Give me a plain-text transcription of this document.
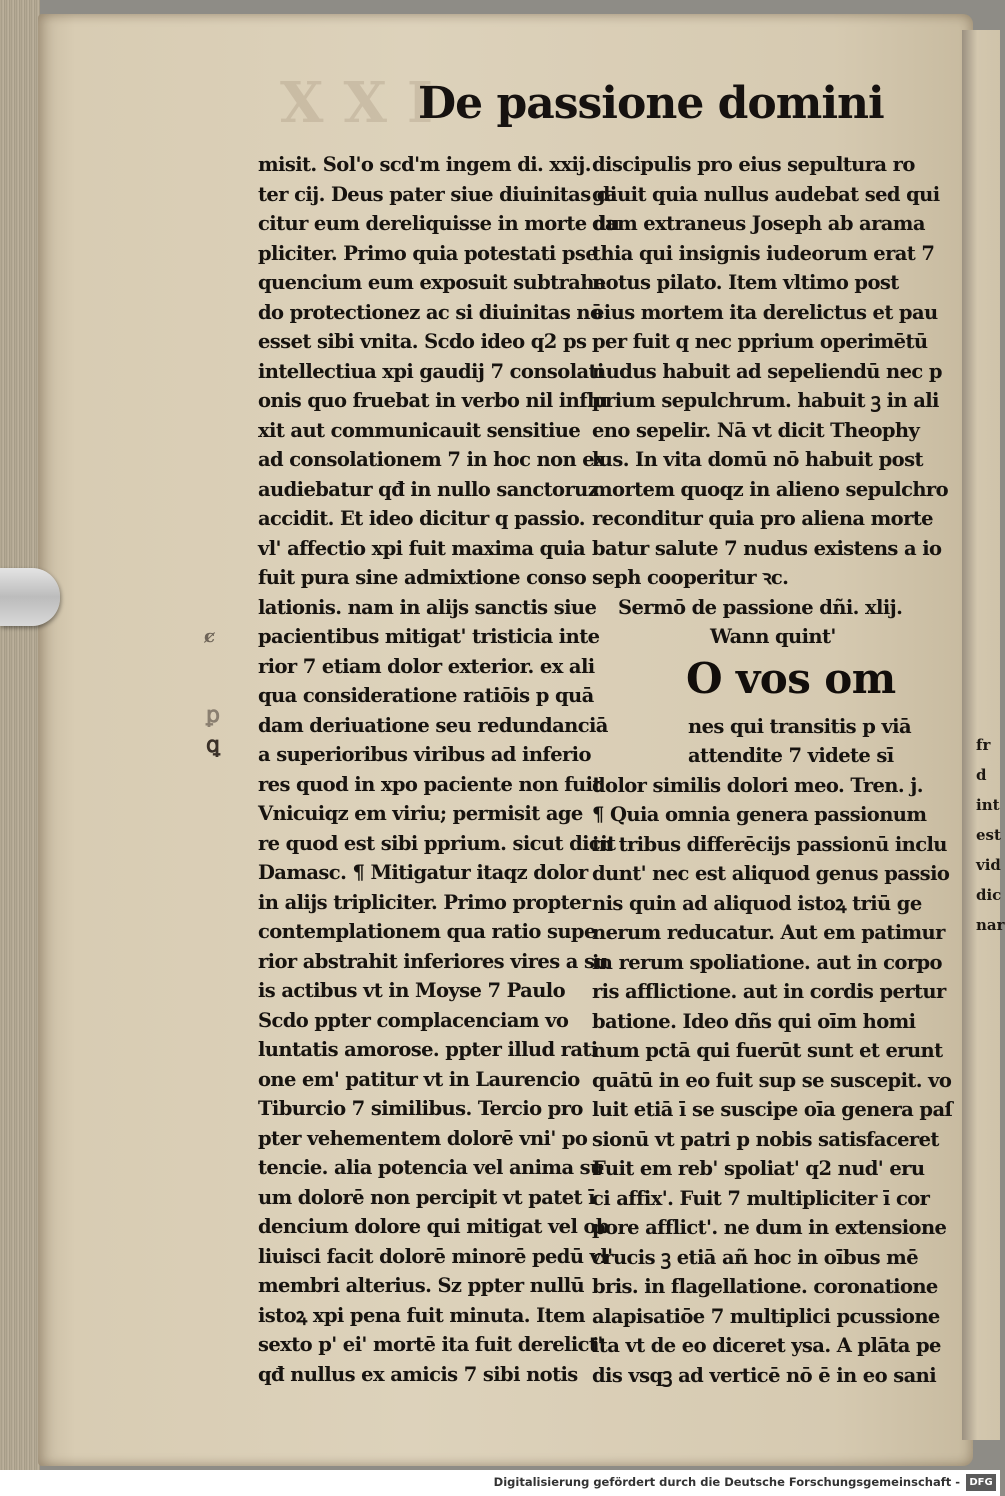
XXI
De passione domini
ȼ
ꝗ
ꝑ
misit. Sol'o scd'm ingem di. xxij.
ter cij. Deus pater siue diuinitas di
citur eum dereliquisse in morte du
pliciter. Primo quia potestati pse
quencium eum exposuit subtrahe
do protectionez ac si diuinitas nō
esset sibi vnita. Scdo ideo q2 ps
intellectiua xpi gaudij 7 consolati
onis quo fruebat in verbo nil influ
xit aut communicauit sensitiue
ad consolationem 7 in hoc non ex
audiebatur qđ in nullo sanctoruz
accidit. Et ideo dicitur q passio.
vl' affectio xpi fuit maxima quia
fuit pura sine admixtione conso
lationis. nam in alijs sanctis siue
pacientibus mitigat' tristicia inte
rior 7 etiam dolor exterior. ex ali
qua consideratione ratiōis p quā
dam deriuatione seu redundanciā
a superioribus viribus ad inferio
res quod in xpo paciente non fuit
Vnicuiqz em viriu; permisit age
re quod est sibi pprium. sicut dicit
Damasc. ¶ Mitigatur itaqz dolor
in alijs tripliciter. Primo propter
contemplationem qua ratio supe
rior abstrahit inferiores vires a su
is actibus vt in Moyse 7 Paulo
Scdo ppter complacenciam vo
luntatis amorose. ppter illud rati
one em' patitur vt in Laurencio
Tiburcio 7 similibus. Tercio pro
pter vehementem dolorē vni' po
tencie. alia potencia vel anima su
um dolorē non percipit vt patet ī
dencium dolore qui mitigat vel ob
liuisci facit dolorē minorē pedū vl'
membri alterius. Sz ppter nullū
istoꝝ xpi pena fuit minuta. Item
sexto p' ei' mortē ita fuit derelict'
qđ nullus ex amicis 7 sibi notis
discipulis pro eius sepultura ro
gauit quia nullus audebat sed qui
dam extraneus Joseph ab arama
thia qui insignis iudeorum erat 7
notus pilato. Item vltimo post
eius mortem ita derelictus et pau
per fuit q nec pprium operimētū
nudus habuit ad sepeliendū nec p
prium sepulchrum. habuit ꝫ in ali
eno sepelir. Nā vt dicit Theophy
lus. In vita domū nō habuit post
mortem quoqz in alieno sepulchro
reconditur quia pro aliena morte
batur salute 7 nudus existens a io
seph cooperitur ꝛc.
Sermō de passione dñi. xlij.
Wann quint'
O vos om
nes qui transitis p viā
attendite 7 videte sī
dolor similis dolori meo. Tren. j.
¶ Quia omnia genera passionum
in tribus differēcijs passionū inclu
dunt' nec est aliquod genus passio
nis quin ad aliquod istoꝝ triū ge
nerum reducatur. Aut em patimur
in rerum spoliatione. aut in corpo
ris afflictione. aut in cordis pertur
batione. Ideo dñs qui oīm homi
num pctā qui fuerūt sunt et erunt
quātū in eo fuit sup se suscepit. vo
luit etiā ī se suscipe oīa genera paſ
sionū vt patri p nobis satisfaceret
Fuit em reb' spoliat' q2 nud' eru
ci affix'. Fuit 7 multipliciter ī cor
pore afflict'. ne dum in extensione
crucis ꝫ etiā añ hoc in oībus mē
bris. in flagellatione. coronatione
alapisatiōe 7 multiplici pcussione
ita vt de eo diceret ysa. A plāta pe
dis vsqꝫ ad verticē nō ē in eo sani
fr
d int
est
vid
dic
nar
Digitalisierung gefördert durch die Deutsche Forschungsgemeinschaft - DFG
